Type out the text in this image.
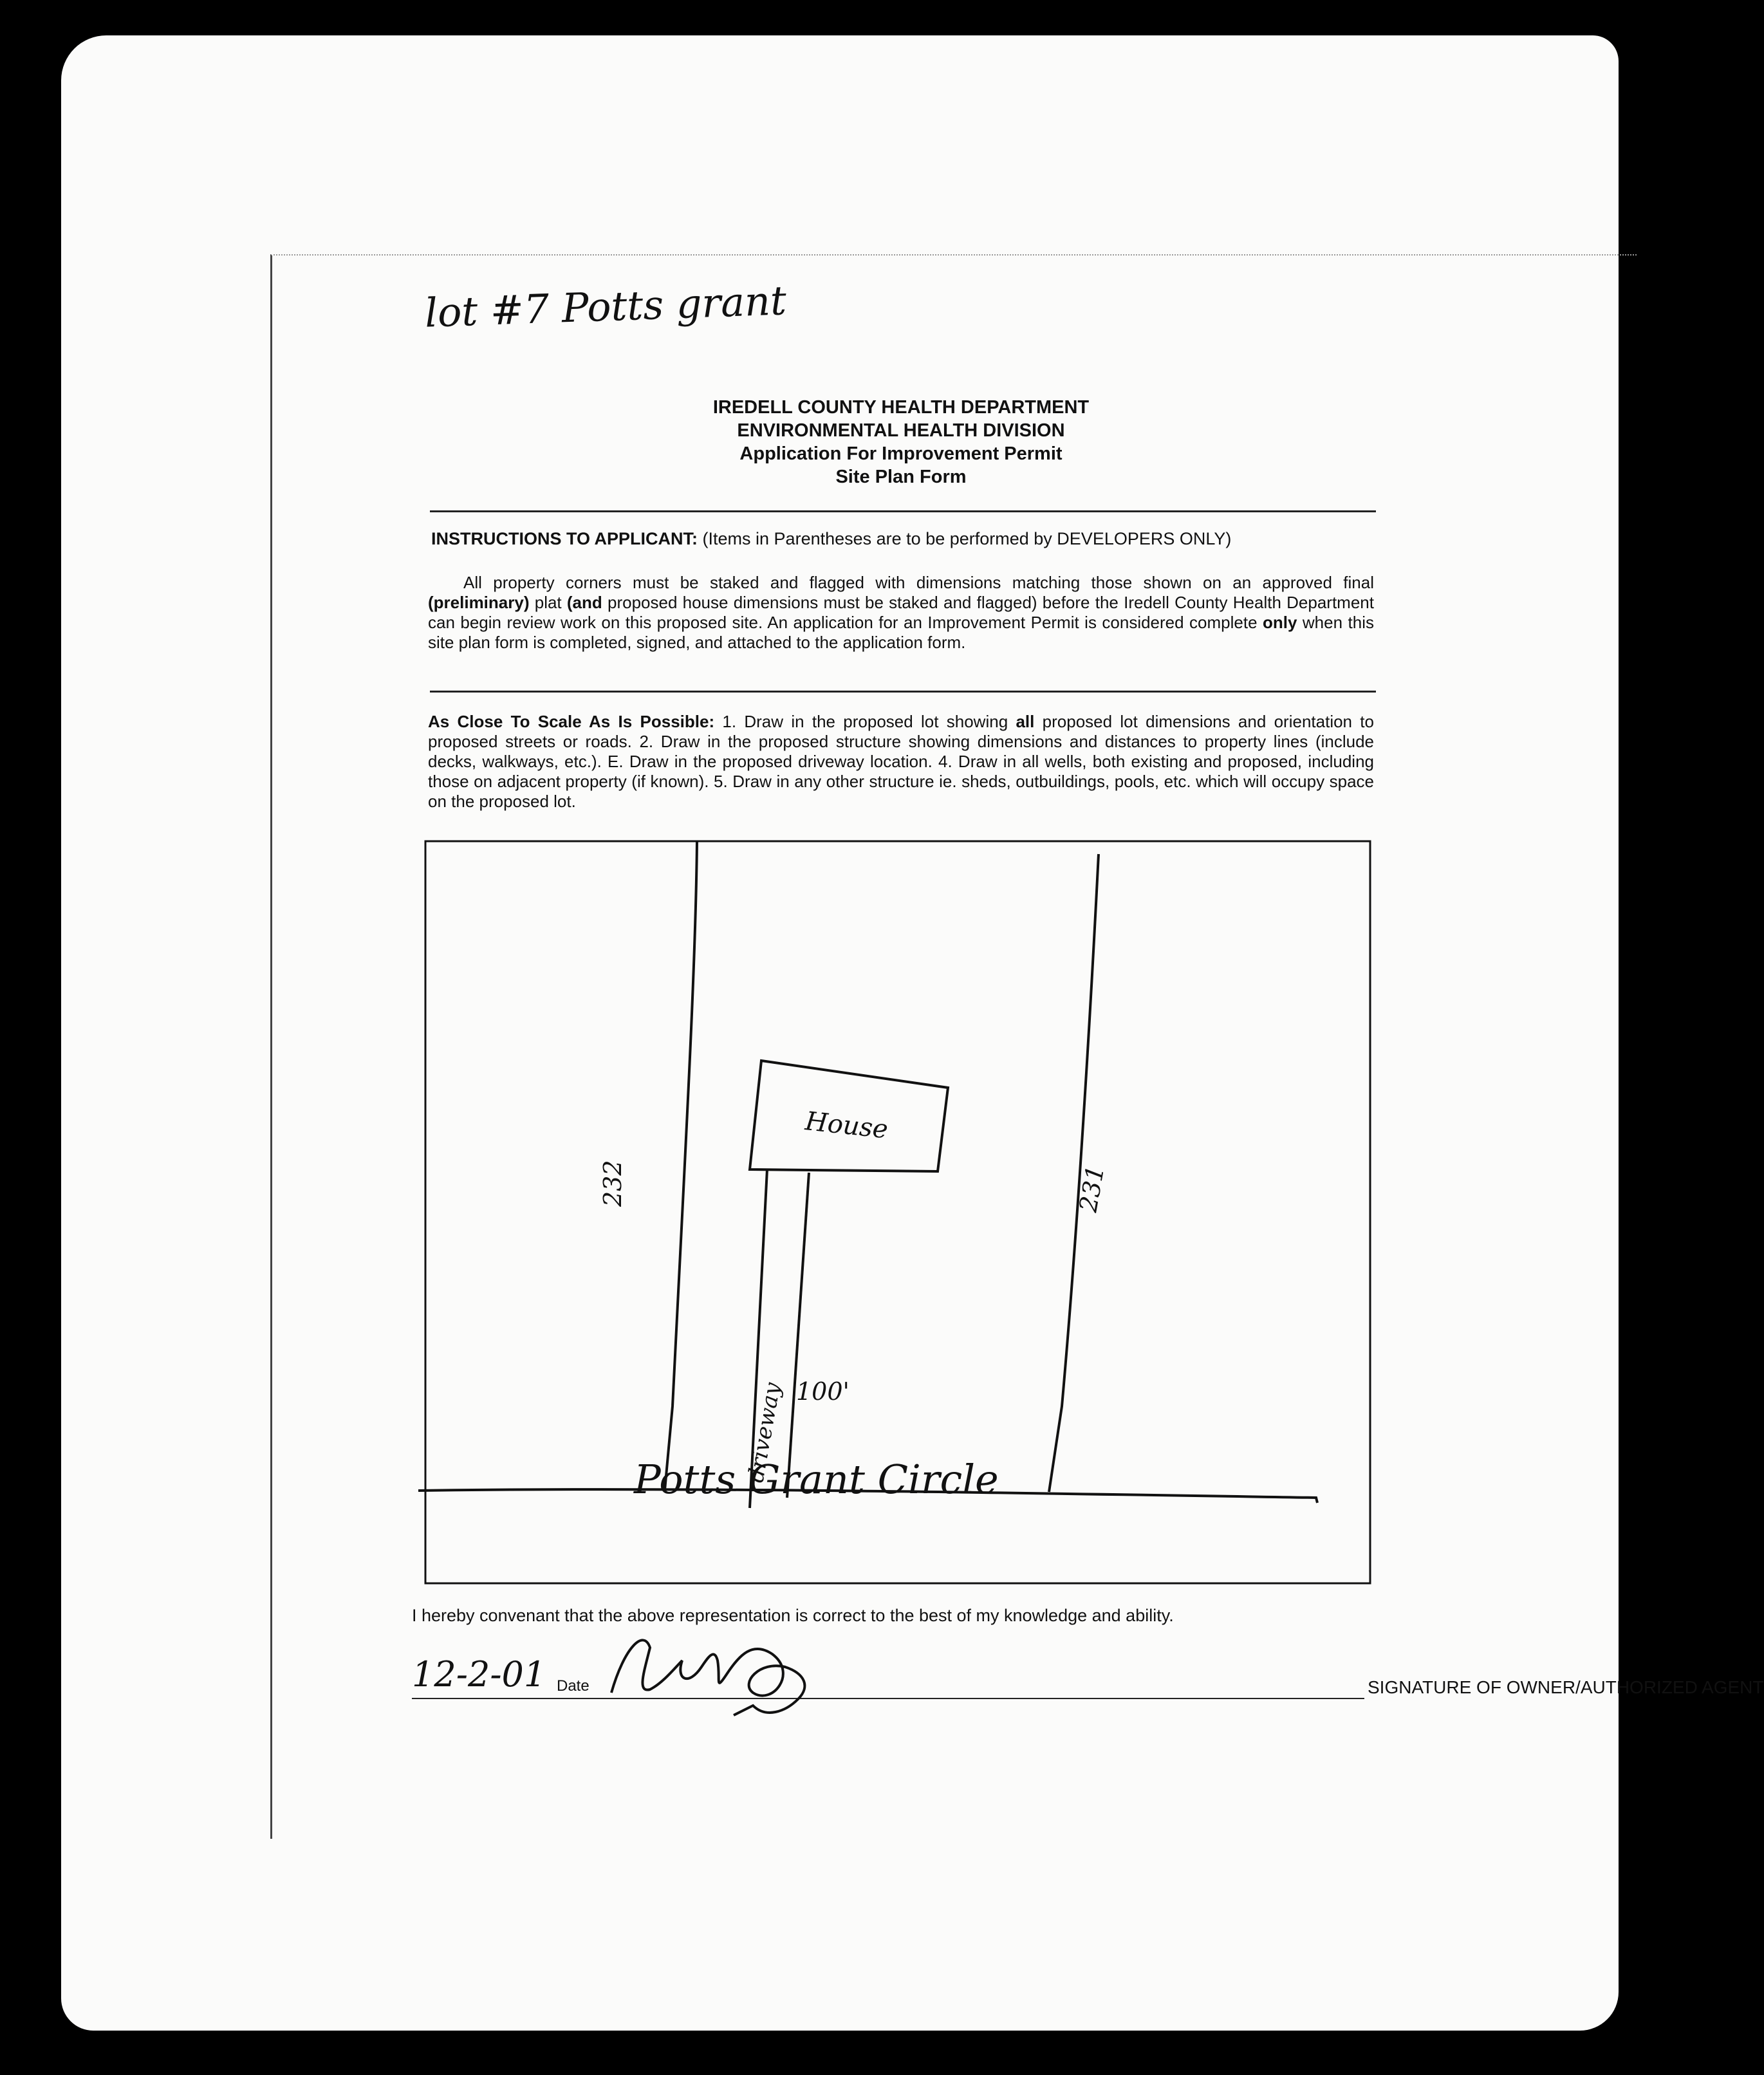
lot #7 Potts grant
IREDELL COUNTY HEALTH DEPARTMENT
ENVIRONMENTAL HEALTH DIVISION
Application For Improvement Permit
Site Plan Form
INSTRUCTIONS TO APPLICANT: (Items in Parentheses are to be performed by DEVELOPERS ONLY)
All property corners must be staked and flagged with dimensions matching those shown on an approved final (preliminary) plat (and proposed house dimensions must be staked and flagged) before the Iredell County Health Department can begin review work on this proposed site. An application for an Improvement Permit is considered complete only when this site plan form is completed, signed, and attached to the application form.
As Close To Scale As Is Possible: 1. Draw in the proposed lot showing all proposed lot dimensions and orientation to proposed streets or roads. 2. Draw in the proposed structure showing dimensions and distances to property lines (include decks, walkways, etc.). E. Draw in the proposed driveway location. 4. Draw in all wells, both existing and proposed, including those on adjacent property (if known). 5. Draw in any other structure ie. sheds, outbuildings, pools, etc. which will occupy space on the proposed lot.
House
driveway
232	231
100'
Potts Grant Circle
I hereby convenant that the above representation is correct to the best of my knowledge and ability.
12-2-01 Date	SIGNATURE OF OWNER/AUTHORIZED AGENT
